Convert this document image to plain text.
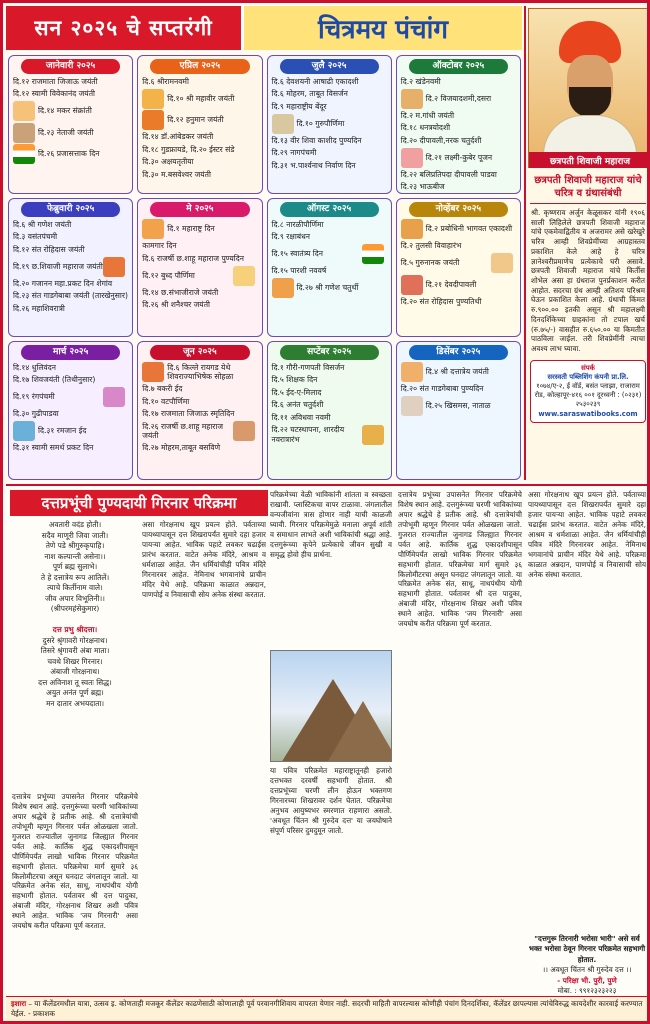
सन २०२५ चे सप्तरंगी	चित्रमय पंचांग
जानेवारी २०२५
दि.१२ राजमाता जिजाऊ जयंती
दि.१२ स्वामी विवेकानंद जयंती
दि.१४ मकर संक्रांती
दि.२३ नेताजी जयंती
दि.२६ प्रजासत्ताक दिन
एप्रिल २०२५
दि.६ श्रीरामनवमी
दि.१० श्री महावीर जयंती
दि.१२ हनुमान जयंती
दि.१४ डॉ.आंबेडकर जयंती
दि.१८ गुडफ्रायडे, दि.२० ईस्टर संडे
दि.३० अक्षयतृतीया
दि.३० म.बसवेश्वर जयंती
जुलै २०२५
दि.६ देवशयनी आषाढी एकादशी
दि.६ मोहरम, ताबूत विसर्जन
दि.९ महाराष्ट्रीय बेंदूर
दि.१० गुरुपौर्णिमा
दि.१३ वीर शिवा काशीद पुण्यदिन
दि.२९ नागपंचमी
दि.३१ भ.पार्श्वनाथ निर्वाण दिन
ऑक्टोबर २०२५
दि.२ खंडेनवमी
दि.२ विजयादशमी,दसरा
दि.२ म.गांधी जयंती
दि.१८ धनत्रयोदशी
दि.२० दीपावली,नरक चतुर्दशी
दि.२१ लक्ष्मी-कुबेर पूजन
दि.२२ बलिप्रतिपदा दीपावली पाडवा
दि.२३ भाऊबीज
फेब्रुवारी २०२५
दि.६ श्री गणेश जयंती
दि.३ वसंतपंचमी
दि.१२ संत रोहिदास जयंती
दि.१९ छ.शिवाजी महाराज जयंती
दि.२० गजानन महा.प्रकट दिन शेगांव
दि.२३ संत गाडगेबाबा जयंती (तारखेनुसार)
दि.२६ महाशिवरात्री
मे २०२५
दि.१ महाराष्ट्र दिन
कामगार दिन
दि.६ राजर्षी छ.शाहू महाराज पुण्यदिन
दि.१२ बुध्द पौर्णिमा
दि.१४ छ.संभाजीराजे जयंती
दि.२६ श्री शनैश्चर जयंती
ऑगस्ट २०२५
दि.८ नारळीपौर्णिमा
दि.९ रक्षाबंधन
दि.१५ स्वातंत्र्य दिन
दि.१५ पारशी नववर्ष
दि.२७ श्री गणेश चतुर्थी
नोव्हेंबर २०२५
दि.२ प्रबोधिनी भागवत एकादशी
दि.२ तुलसी विवाहारंभ
दि.५ गुरुनानक जयंती
दि.२१ देवदीपावली
दि.२० संत रोहिदास पुण्यतिथी
मार्च २०२५
दि.१४ धुलिवंदन
दि.१७ शिवजयंती (तिथीनुसार)
दि.१९ रंगपंचमी
दि.३० गुढीपाडवा
दि.३१ रमजान ईद
दि.३१ स्वामी समर्थ प्रकट दिन
जून २०२५
दि.६ किल्ले रायगड येथे शिवराज्याभिषेक सोहळा
दि.७ बकरी ईद
दि.१० वटपौर्णिमा
दि.१७ राजमाता जिजाऊ स्मृतिदिन
दि.२६ राजर्षी छ.शाहू महाराज जयंती
दि.२७ मोहरम,ताबूत बसविणे
सप्टेंबर २०२५
दि.१ गौरी-गणपती विसर्जन
दि.५ शिक्षक दिन
दि.५ ईद-ए-मिलाद
दि.६ अनंत चतुर्दशी
दि.११ अविधवा नवमी
दि.२२ घटस्थापना, शारदीय नवरात्रारंभ
डिसेंबर २०२५
दि.४ श्री दत्तात्रेय जयंती
दि.२० संत गाडगेबाबा पुण्यदिन
दि.२५ खिसमस, नाताळ
छत्रपती शिवाजी महाराज
छत्रपती शिवाजी महाराज यांचे चरित्र व ग्रंथासंबंधी
श्री. कृष्णराव अर्जुन केळूसकर यांनी १९०६ साली लिहिलेले छत्रपती शिवाजी महाराज यांचे एकमेवाद्वितीय व अजरामर असे खरेखुरे चरित्र आम्ही शिवप्रेमींच्या आग्रहास्तव प्रकाशित केले आहे हे चरित्र ज्ञानेश्वरीप्रमाणेच प्रत्येकाचे घरी असावे. छत्रपती शिवाजी महाराज यांचे किर्तीस शोभेल असा हा ग्रंथराज पुनर्प्रकाशन करीत आहोत. सदरचा ग्रंथ आम्ही अतिशय परिश्रम घेऊन प्रकाशित केला आहे. ग्रंथाची किंमत रु.९००.०० इतकी असून श्री महालक्ष्मी दिनदर्शिकेच्या ग्राहकांना तो टपाल खर्च (रु.७५/-) वासहीत रु.६५०.०० या किमतीत पाठविला जाईल. तरी शिवप्रेमींनी त्याचा अवश्य लाभ घ्यावा.
संपर्क
सरस्वती पब्लिशिंग कंपनी प्रा.लि.
१०७४/ए-२, ई वॉर्ड, बसंत प्लाझा, राजाराम रोड, कोल्हापूर-४१६ ००१ दूरध्वनी : (०२३१) २५३०२३९
www.saraswatibooks.com
दत्तप्रभूंची पुण्यदायी गिरनार परिक्रमा
अवतारी वदंड होती।
सदैव माणूरी जिवा जाती।
तेणे पडे श्रीगुरुकृपाहि।
नाश कल्पान्ती असेना।।
पूर्ण ब्रह्म सुलाभे।
ते हे दत्तात्रेय रूप आतिलें।
त्याचे किर्तीनाम वाले।
जीव अपार विभूतिनी।।
(श्रीपरमहंसेकुमार)

दत्त प्रभु श्रीदत्ता।
दुसरे श्रृंगावरी गोरक्षनाथ।
तिसरे श्रृंगावरी अंबा माता।
चवथे शिखर गिरनार।
अंबाजी गोरक्षनाथ।
दत्त अविनाश तू स्वतः सिद्ध।
अयुत अनंत पूर्ण ब्रह्म।
मन दातार अभयदाता।
दत्तात्रेय प्रभूंच्या उपासनेत गिरनार परिक्रमेचे विशेष स्थान आहे. दत्तगुरूंच्या चरणी भाविकांच्या अपार श्रद्धेचे हे प्रतीक आहे. श्री दत्तात्रेयांची तपोभूमी म्हणून गिरनार पर्वत ओळखला जातो. गुजरात राज्यातील जुनागड जिल्ह्यात गिरनार पर्वत आहे. कार्तिक शुद्ध एकादशीपासून पौर्णिमेपर्यंत लाखो भाविक गिरनार परिक्रमेत सहभागी होतात. परिक्रमेचा मार्ग सुमारे ३६ किलोमीटरचा असून घनदाट जंगलातून जातो. या परिक्रमेत अनेक संत, साधू, नाथपंथीय योगी सहभागी होतात. पर्वतावर श्री दत्त पादुका, अंबाजी मंदिर, गोरक्षनाथ शिखर अशी पवित्र स्थाने आहेत. भाविक 'जय गिरनारी' असा जयघोष करीत परिक्रमा पूर्ण करतात.
असा गोरक्षनाथ खूप प्रयत्न होते. पर्वताच्या पायथ्यापासून दत्त शिखरापर्यंत सुमारे दहा हजार पायऱ्या आहेत. भाविक पहाटे लवकर चढाईस प्रारंभ करतात. वाटेत अनेक मंदिरे, आश्रम व धर्मशाळा आहेत. जैन धर्मियांचीही पवित्र मंदिरे गिरनारवर आहेत. नेमिनाथ भगवानांचे प्राचीन मंदिर येथे आहे. परिक्रमा काळात अन्नदान, पाणपोई व निवासाची सोय अनेक संस्था करतात.
परिक्रमेच्या वेळी भाविकांनी शांतता व स्वच्छता राखावी. प्लास्टिकचा वापर टाळावा. जंगलातील वन्यजीवांना त्रास होणार नाही याची काळजी घ्यावी. गिरनार परिक्रमेमुळे मनाला अपूर्व शांती व समाधान लाभते अशी भाविकांची श्रद्धा आहे. दत्तगुरूंच्या कृपेने प्रत्येकाचे जीवन सुखी व समृद्ध होवो हीच प्रार्थना.
या पवित्र परिक्रमेत महाराष्ट्रातूनही हजारो दत्तभक्त दरवर्षी सहभागी होतात. श्री दत्तप्रभूंच्या चरणी लीन होऊन भक्तगण गिरनारच्या शिखरावर दर्शन घेतात. परिक्रमेचा अनुभव आयुष्यभर स्मरणात राहणारा असतो. 'अवधूत चिंतन श्री गुरुदेव दत्त' या जयघोषाने संपूर्ण परिसर दुमदुमून जातो.
दत्तात्रेय प्रभूंच्या उपासनेत गिरनार परिक्रमेचे विशेष स्थान आहे. दत्तगुरूंच्या चरणी भाविकांच्या अपार श्रद्धेचे हे प्रतीक आहे. श्री दत्तात्रेयांची तपोभूमी म्हणून गिरनार पर्वत ओळखला जातो. गुजरात राज्यातील जुनागड जिल्ह्यात गिरनार पर्वत आहे. कार्तिक शुद्ध एकादशीपासून पौर्णिमेपर्यंत लाखो भाविक गिरनार परिक्रमेत सहभागी होतात. परिक्रमेचा मार्ग सुमारे ३६ किलोमीटरचा असून घनदाट जंगलातून जातो. या परिक्रमेत अनेक संत, साधू, नाथपंथीय योगी सहभागी होतात. पर्वतावर श्री दत्त पादुका, अंबाजी मंदिर, गोरक्षनाथ शिखर अशी पवित्र स्थाने आहेत. भाविक 'जय गिरनारी' असा जयघोष करीत परिक्रमा पूर्ण करतात.
असा गोरक्षनाथ खूप प्रयत्न होते. पर्वताच्या पायथ्यापासून दत्त शिखरापर्यंत सुमारे दहा हजार पायऱ्या आहेत. भाविक पहाटे लवकर चढाईस प्रारंभ करतात. वाटेत अनेक मंदिरे, आश्रम व धर्मशाळा आहेत. जैन धर्मियांचीही पवित्र मंदिरे गिरनारवर आहेत. नेमिनाथ भगवानांचे प्राचीन मंदिर येथे आहे. परिक्रमा काळात अन्नदान, पाणपोई व निवासाची सोय अनेक संस्था करतात.
"दत्तगुरू तिरनारी भरोसा भारी" असे सर्व भक्त भरोसा ठेवून गिरनार परिक्रमेत सहभागी होतात.
।। अवधूत चिंतन श्री गुरुदेव दत्त ।।
- परिक्षा भी. पुरी, पुणे
मोबा. : ९९१२३२३२२३
इशारा – या कॅलेंडरमधील यात्रा, उत्सव इ. कोणताही मजकूर कॅलेंडर काढणेसाठी कोणालाही पूर्व परवानगीशिवाय वापरता येणार नाही. सदरची माहिती वापरल्यास कोणीही पंचांग दिनदर्शिका, कॅलेंडर छापल्यास त्यांचेविरुद्ध कायदेशीर कारवाई करण्यात येईल. - प्रकाशक
